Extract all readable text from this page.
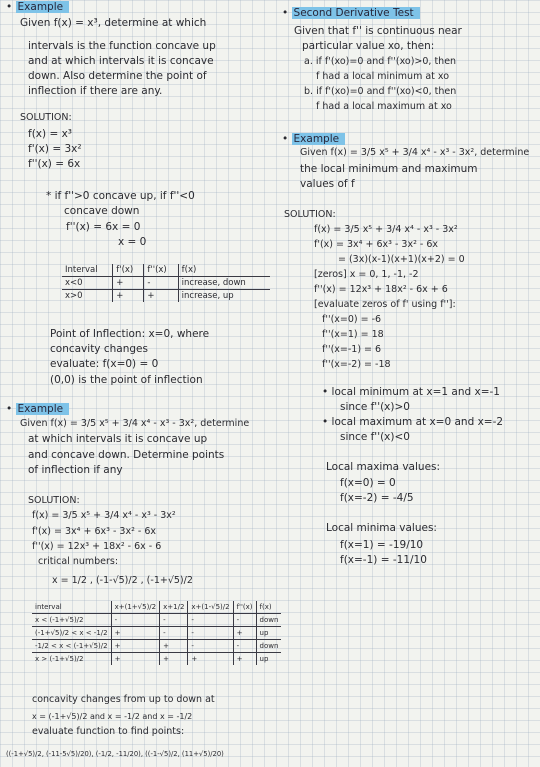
• Example
Given f(x) = x³, determine at which
intervals is the function concave up
and at which intervals it is concave
down. Also determine the point of
inflection if there are any.
SOLUTION:
f(x) = x³
f'(x) = 3x²
f''(x) = 6x
* if f''>0 concave up, if f''<0
concave down
f''(x) = 6x = 0
x = 0
Interval	f'(x)	f''(x)	f(x)
x<0	+	-	increase, down
x>0	+	+	increase, up
Point of Inflection: x=0, where
concavity changes
evaluate: f(x=0) = 0
(0,0) is the point of inflection
• Example
Given f(x) = 3/5 x⁵ + 3/4 x⁴ - x³ - 3x², determine
at which intervals it is concave up
and concave down. Determine points
of inflection if any
SOLUTION:
f(x) = 3/5 x⁵ + 3/4 x⁴ - x³ - 3x²
f'(x) = 3x⁴ + 6x³ - 3x² - 6x
f''(x) = 12x³ + 18x² - 6x - 6
critical numbers:
x = 1/2 , (-1-√5)/2 , (-1+√5)/2
interval	x+(1+√5)/2	x+1/2	x+(1-√5)/2	f''(x)	f(x)
x < (-1+√5)/2	-	-	-	-	down
(-1+√5)/2 < x < -1/2	+	-	-	+	up
-1/2 < x < (-1+√5)/2	+	+	-	-	down
x > (-1+√5)/2	+	+	+	+	up
concavity changes from up to down at
x = (-1+√5)/2 and x = -1/2 and x = -1/2
evaluate function to find points:
((-1+√5)/2, (-11-5√5)/20), (-1/2, -11/20), ((-1-√5)/2, (11+√5)/20)
• Second Derivative Test
Given that f'' is continuous near
particular value xo, then:
a. if f'(xo)=0 and f''(xo)>0, then
f had a local minimum at xo
b. if f'(xo)=0 and f''(xo)<0, then
f had a local maximum at xo
• Example
Given f(x) = 3/5 x⁵ + 3/4 x⁴ - x³ - 3x², determine
the local minimum and maximum
values of f
SOLUTION:
f(x) = 3/5 x⁵ + 3/4 x⁴ - x³ - 3x²
f'(x) = 3x⁴ + 6x³ - 3x² - 6x
= (3x)(x-1)(x+1)(x+2) = 0
[zeros] x = 0, 1, -1, -2
f''(x) = 12x³ + 18x² - 6x + 6
[evaluate zeros of f' using f'']:
f''(x=0) = -6
f''(x=1) = 18
f''(x=-1) = 6
f''(x=-2) = -18
• local minimum at x=1 and x=-1
since f''(x)>0
• local maximum at x=0 and x=-2
since f''(x)<0
Local maxima values:
f(x=0) = 0
f(x=-2) = -4/5
Local minima values:
f(x=1) = -19/10
f(x=-1) = -11/10
